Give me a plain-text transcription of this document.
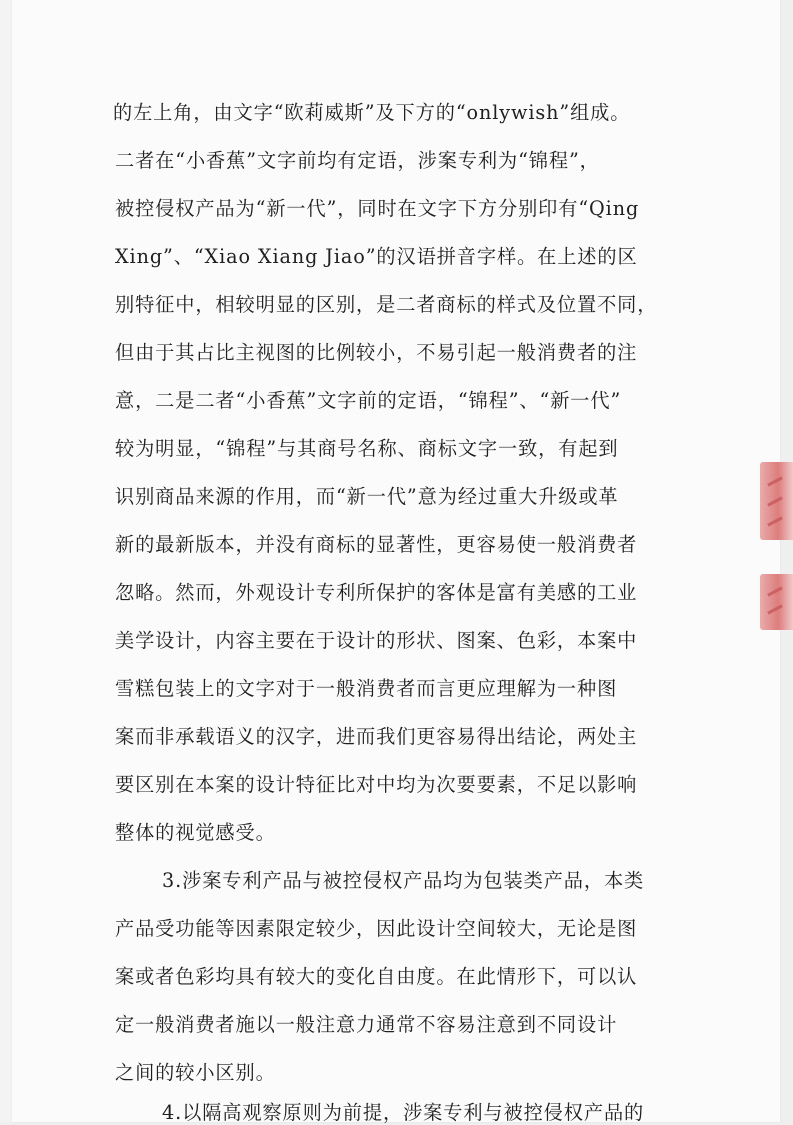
的左上角，由文字“欧莉威斯”及下方的“onlywish”组成。
二者在“小香蕉”文字前均有定语，涉案专利为“锦程”，
被控侵权产品为“新一代”，同时在文字下方分别印有“Qing
Xing”、“Xiao Xiang Jiao”的汉语拼音字样。在上述的区
别特征中，相较明显的区别，是二者商标的样式及位置不同，
但由于其占比主视图的比例较小，不易引起一般消费者的注
意，二是二者“小香蕉”文字前的定语，“锦程”、“新一代”
较为明显，“锦程”与其商号名称、商标文字一致，有起到
识别商品来源的作用，而“新一代”意为经过重大升级或革
新的最新版本，并没有商标的显著性，更容易使一般消费者
忽略。然而，外观设计专利所保护的客体是富有美感的工业
美学设计，内容主要在于设计的形状、图案、色彩，本案中
雪糕包装上的文字对于一般消费者而言更应理解为一种图
案而非承载语义的汉字，进而我们更容易得出结论，两处主
要区别在本案的设计特征比对中均为次要要素，不足以影响
整体的视觉感受。
3.涉案专利产品与被控侵权产品均为包装类产品，本类
产品受功能等因素限定较少，因此设计空间较大，无论是图
案或者色彩均具有较大的变化自由度。在此情形下，可以认
定一般消费者施以一般注意力通常不容易注意到不同设计
之间的较小区别。
4.以隔高观察原则为前提，涉案专利与被控侵权产品的
